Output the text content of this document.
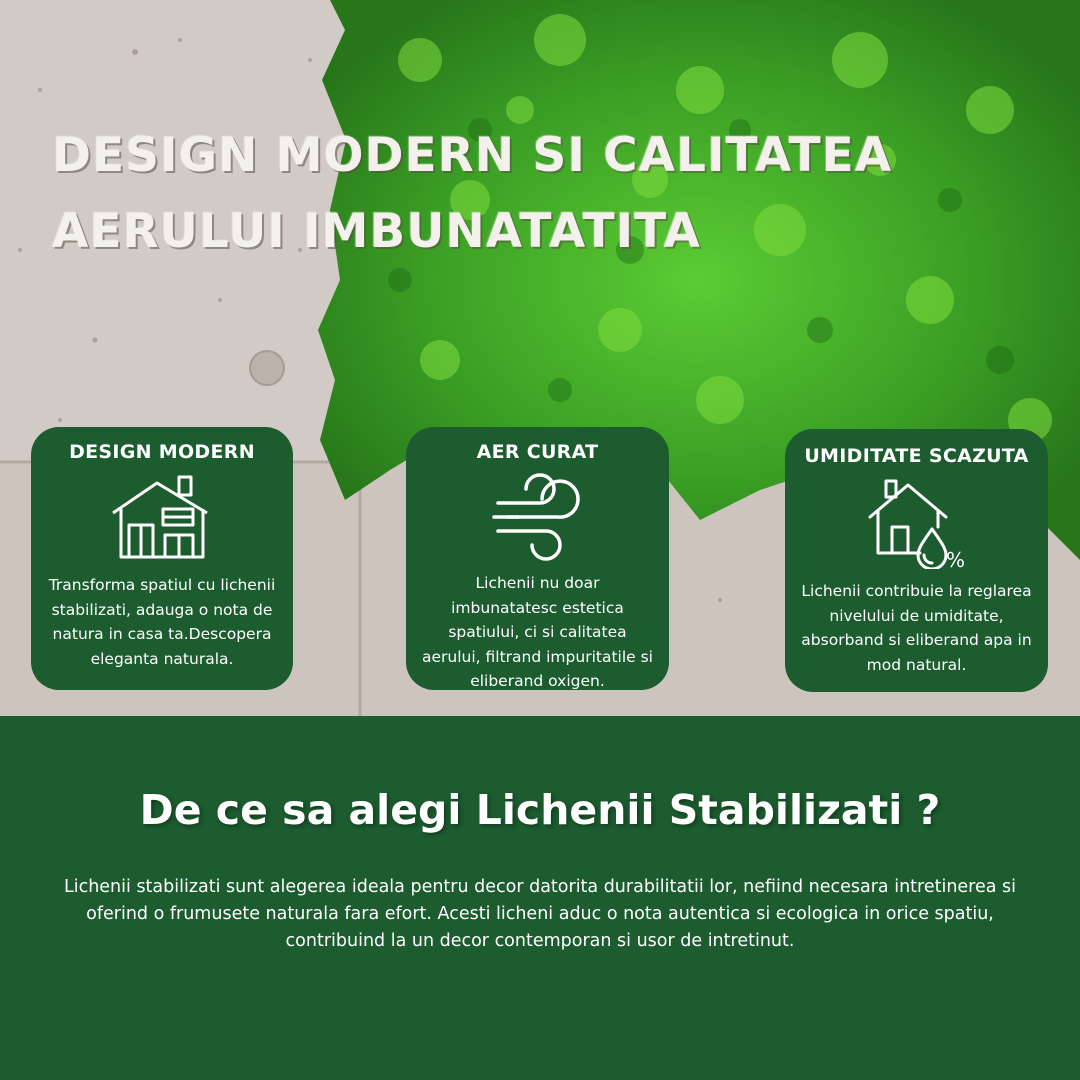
DESIGN MODERN SI CALITATEA
AERULUI IMBUNATATITA
DESIGN MODERN

Transforma spatiul cu lichenii stabilizati, adauga o nota de natura in casa ta.Descopera eleganta naturala.

AER CURAT

Lichenii nu doar imbunatatesc estetica spatiului, ci si calitatea aerului, filtrand impuritatile si eliberand oxigen.

UMIDITATE SCAZUTA
%

Lichenii contribuie la reglarea nivelului de umiditate, absorband si eliberand apa in mod natural.

De ce sa alegi Lichenii Stabilizati ?

Lichenii stabilizati sunt alegerea ideala pentru decor datorita durabilitatii lor, nefiind necesara intretinerea si oferind o frumusete naturala fara efort. Acesti licheni aduc o nota autentica si ecologica in orice spatiu, contribuind la un decor contemporan si usor de intretinut.
